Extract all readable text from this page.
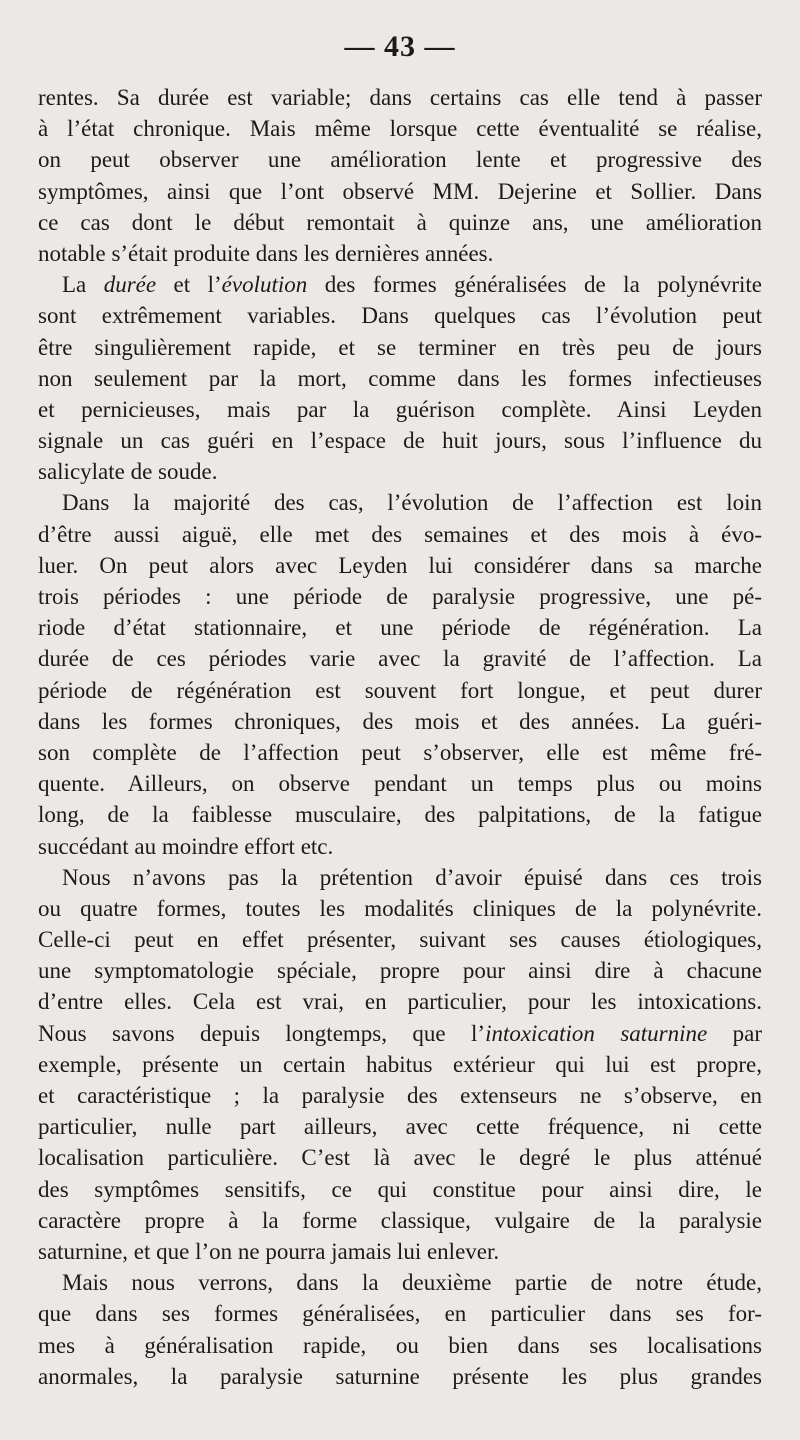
— 43 —
rentes. Sa durée est variable; dans certains cas elle tend à passer
à l’état chronique. Mais même lorsque cette éventualité se réalise,
on peut observer une amélioration lente et progressive des
symptômes, ainsi que l’ont observé MM. Dejerine et Sollier. Dans
ce cas dont le début remontait à quinze ans, une amélioration
notable s’était produite dans les dernières années.
La durée et l’évolution des formes généralisées de la polynévrite
sont extrêmement variables. Dans quelques cas l’évolution peut
être singulièrement rapide, et se terminer en très peu de jours
non seulement par la mort, comme dans les formes infectieuses
et pernicieuses, mais par la guérison complète. Ainsi Leyden
signale un cas guéri en l’espace de huit jours, sous l’influence du
salicylate de soude.
Dans la majorité des cas, l’évolution de l’affection est loin
d’être aussi aiguë, elle met des semaines et des mois à évo-
luer. On peut alors avec Leyden lui considérer dans sa marche
trois périodes : une période de paralysie progressive, une pé-
riode d’état stationnaire, et une période de régénération. La
durée de ces périodes varie avec la gravité de l’affection. La
période de régénération est souvent fort longue, et peut durer
dans les formes chroniques, des mois et des années. La guéri-
son complète de l’affection peut s’observer, elle est même fré-
quente. Ailleurs, on observe pendant un temps plus ou moins
long, de la faiblesse musculaire, des palpitations, de la fatigue
succédant au moindre effort etc.
Nous n’avons pas la prétention d’avoir épuisé dans ces trois
ou quatre formes, toutes les modalités cliniques de la polynévrite.
Celle-ci peut en effet présenter, suivant ses causes étiologiques,
une symptomatologie spéciale, propre pour ainsi dire à chacune
d’entre elles. Cela est vrai, en particulier, pour les intoxications.
Nous savons depuis longtemps, que l’intoxication saturnine par
exemple, présente un certain habitus extérieur qui lui est propre,
et caractéristique ; la paralysie des extenseurs ne s’observe, en
particulier, nulle part ailleurs, avec cette fréquence, ni cette
localisation particulière. C’est là avec le degré le plus atténué
des symptômes sensitifs, ce qui constitue pour ainsi dire, le
caractère propre à la forme classique, vulgaire de la paralysie
saturnine, et que l’on ne pourra jamais lui enlever.
Mais nous verrons, dans la deuxième partie de notre étude,
que dans ses formes généralisées, en particulier dans ses for-
mes à généralisation rapide, ou bien dans ses localisations
anormales, la paralysie saturnine présente les plus grandes
